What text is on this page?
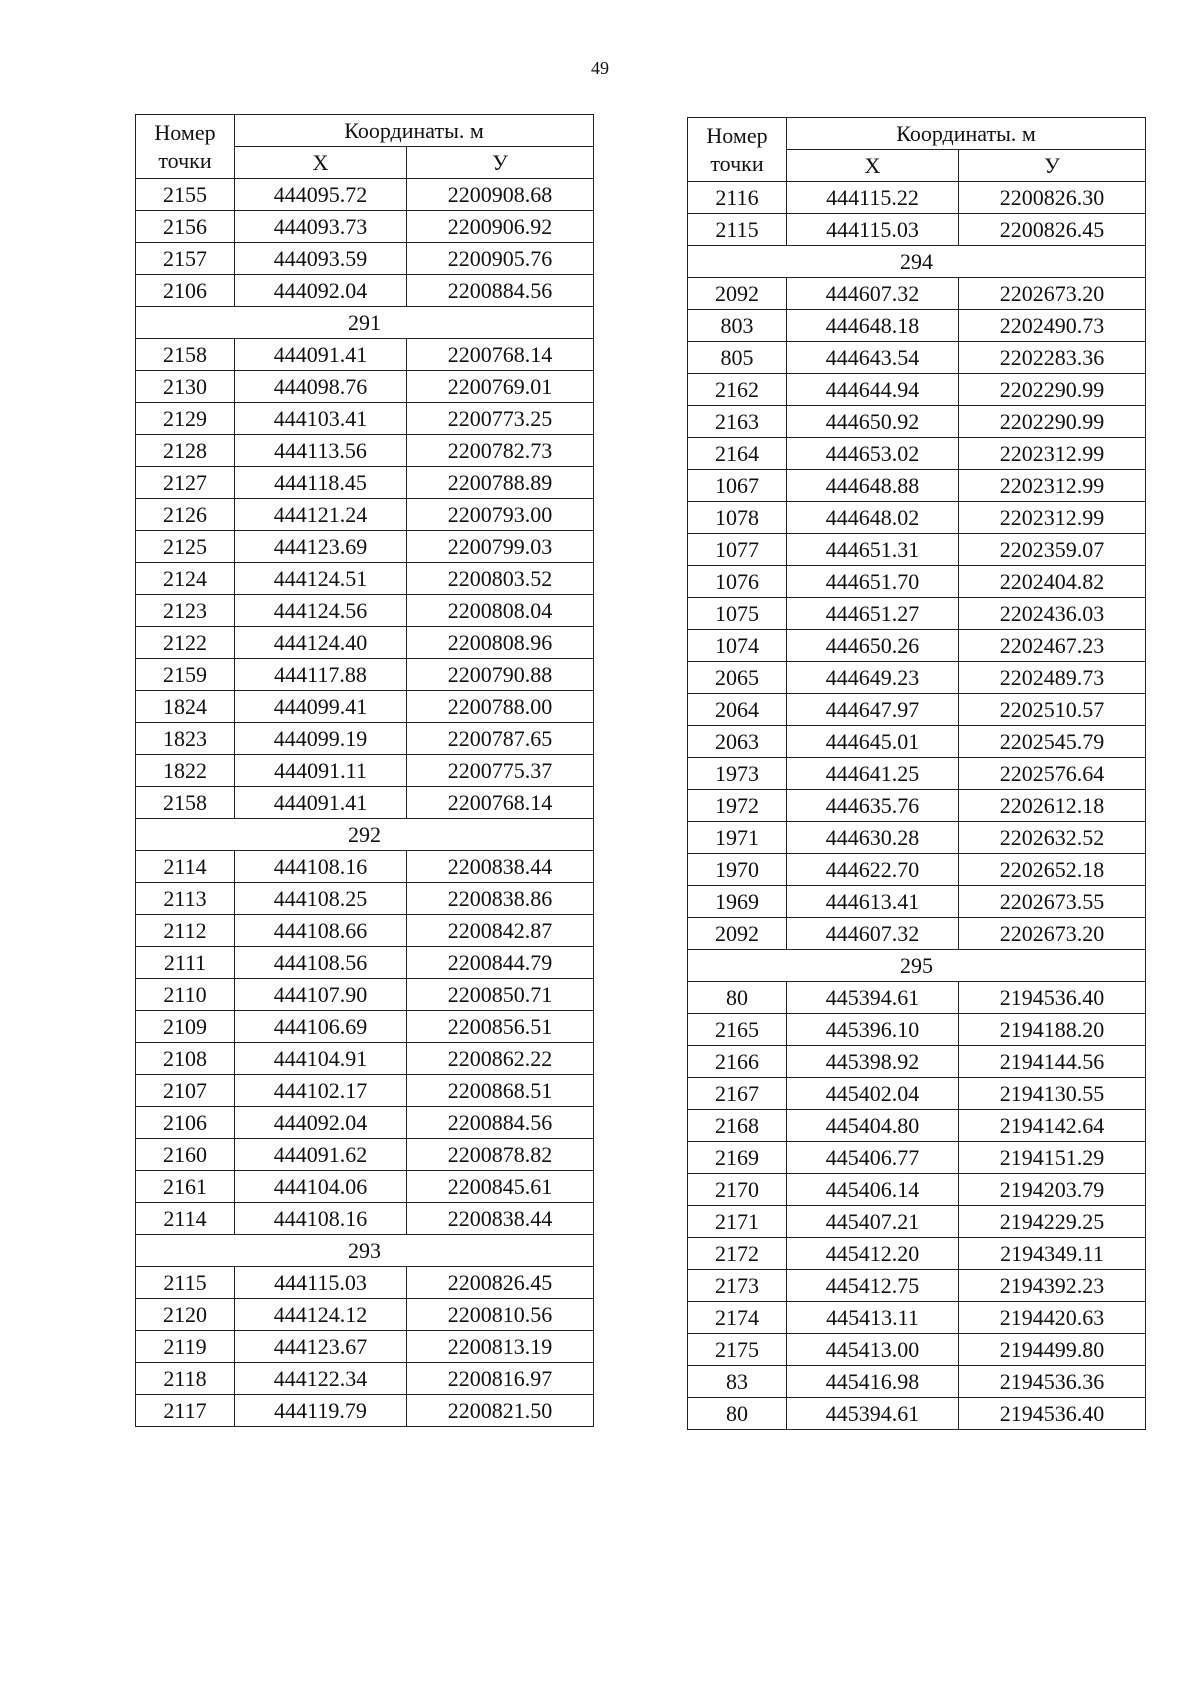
49
Номер точки	Координаты. м	
	Х	У
2155	444095.72	2200908.68
2156	444093.73	2200906.92
2157	444093.59	2200905.76
2106	444092.04	2200884.56
291		
2158	444091.41	2200768.14
2130	444098.76	2200769.01
2129	444103.41	2200773.25
2128	444113.56	2200782.73
2127	444118.45	2200788.89
2126	444121.24	2200793.00
2125	444123.69	2200799.03
2124	444124.51	2200803.52
2123	444124.56	2200808.04
2122	444124.40	2200808.96
2159	444117.88	2200790.88
1824	444099.41	2200788.00
1823	444099.19	2200787.65
1822	444091.11	2200775.37
2158	444091.41	2200768.14
292		
2114	444108.16	2200838.44
2113	444108.25	2200838.86
2112	444108.66	2200842.87
2111	444108.56	2200844.79
2110	444107.90	2200850.71
2109	444106.69	2200856.51
2108	444104.91	2200862.22
2107	444102.17	2200868.51
2106	444092.04	2200884.56
2160	444091.62	2200878.82
2161	444104.06	2200845.61
2114	444108.16	2200838.44
293		
2115	444115.03	2200826.45
2120	444124.12	2200810.56
2119	444123.67	2200813.19
2118	444122.34	2200816.97
2117	444119.79	2200821.50
Номер точки	Координаты. м	
	Х	У
2116	444115.22	2200826.30
2115	444115.03	2200826.45
294		
2092	444607.32	2202673.20
803	444648.18	2202490.73
805	444643.54	2202283.36
2162	444644.94	2202290.99
2163	444650.92	2202290.99
2164	444653.02	2202312.99
1067	444648.88	2202312.99
1078	444648.02	2202312.99
1077	444651.31	2202359.07
1076	444651.70	2202404.82
1075	444651.27	2202436.03
1074	444650.26	2202467.23
2065	444649.23	2202489.73
2064	444647.97	2202510.57
2063	444645.01	2202545.79
1973	444641.25	2202576.64
1972	444635.76	2202612.18
1971	444630.28	2202632.52
1970	444622.70	2202652.18
1969	444613.41	2202673.55
2092	444607.32	2202673.20
295		
80	445394.61	2194536.40
2165	445396.10	2194188.20
2166	445398.92	2194144.56
2167	445402.04	2194130.55
2168	445404.80	2194142.64
2169	445406.77	2194151.29
2170	445406.14	2194203.79
2171	445407.21	2194229.25
2172	445412.20	2194349.11
2173	445412.75	2194392.23
2174	445413.11	2194420.63
2175	445413.00	2194499.80
83	445416.98	2194536.36
80	445394.61	2194536.40
